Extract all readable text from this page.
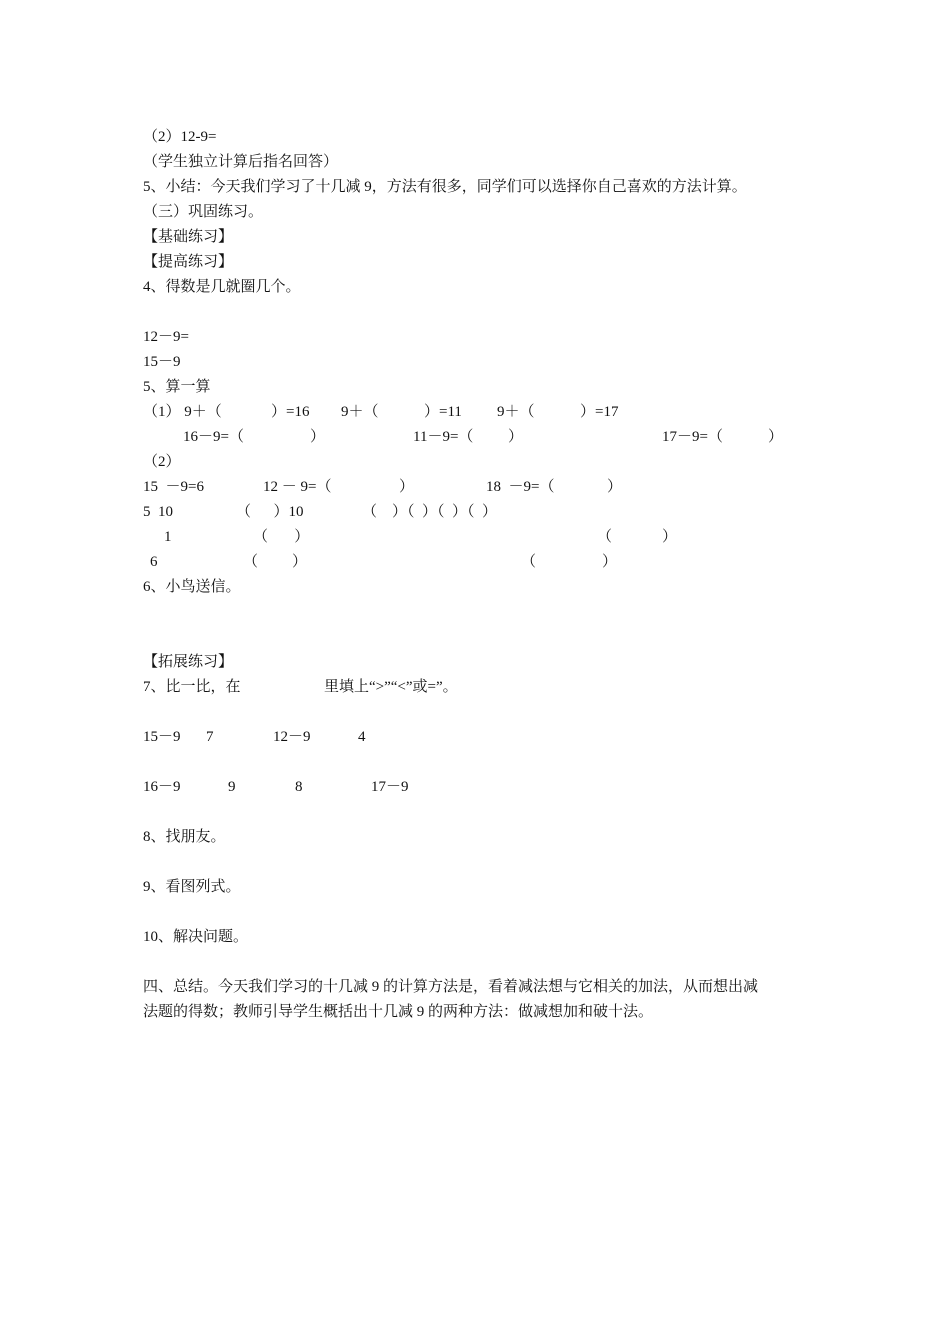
（2）12-9=
（学生独立计算后指名回答）
5、小结：今天我们学习了十几减 9，方法有很多，同学们可以选择你自己喜欢的方法计算。
（三）巩固练习。
【基础练习】
【提高练习】
4、得数是几就圈几个。
12－9=
15－9
5、算一算
（1） 9＋（	）=16 9＋（	）=11 9＋（	）=17
16－9=（	）	11－9=（ ）	17－9=（	）
（2）
15  －9=6	12 － 9=（	）	18  －9=（	）
5  10	（      ）10	（    ）（  ）（  ）（  ）
1	（       ）	（	）
6	（ ）	（	）
6、小鸟送信。
【拓展练习】
7、比一比，在	里填上“>”“<”或=”。
15－9 7	12－9	4
16－9	9	8	17－9
8、找朋友。
9、看图列式。
10、解决问题。
四、总结。今天我们学习的十几减 9 的计算方法是，看着减法想与它相关的加法，从而想出减
法题的得数；教师引导学生概括出十几减 9 的两种方法：做减想加和破十法。
